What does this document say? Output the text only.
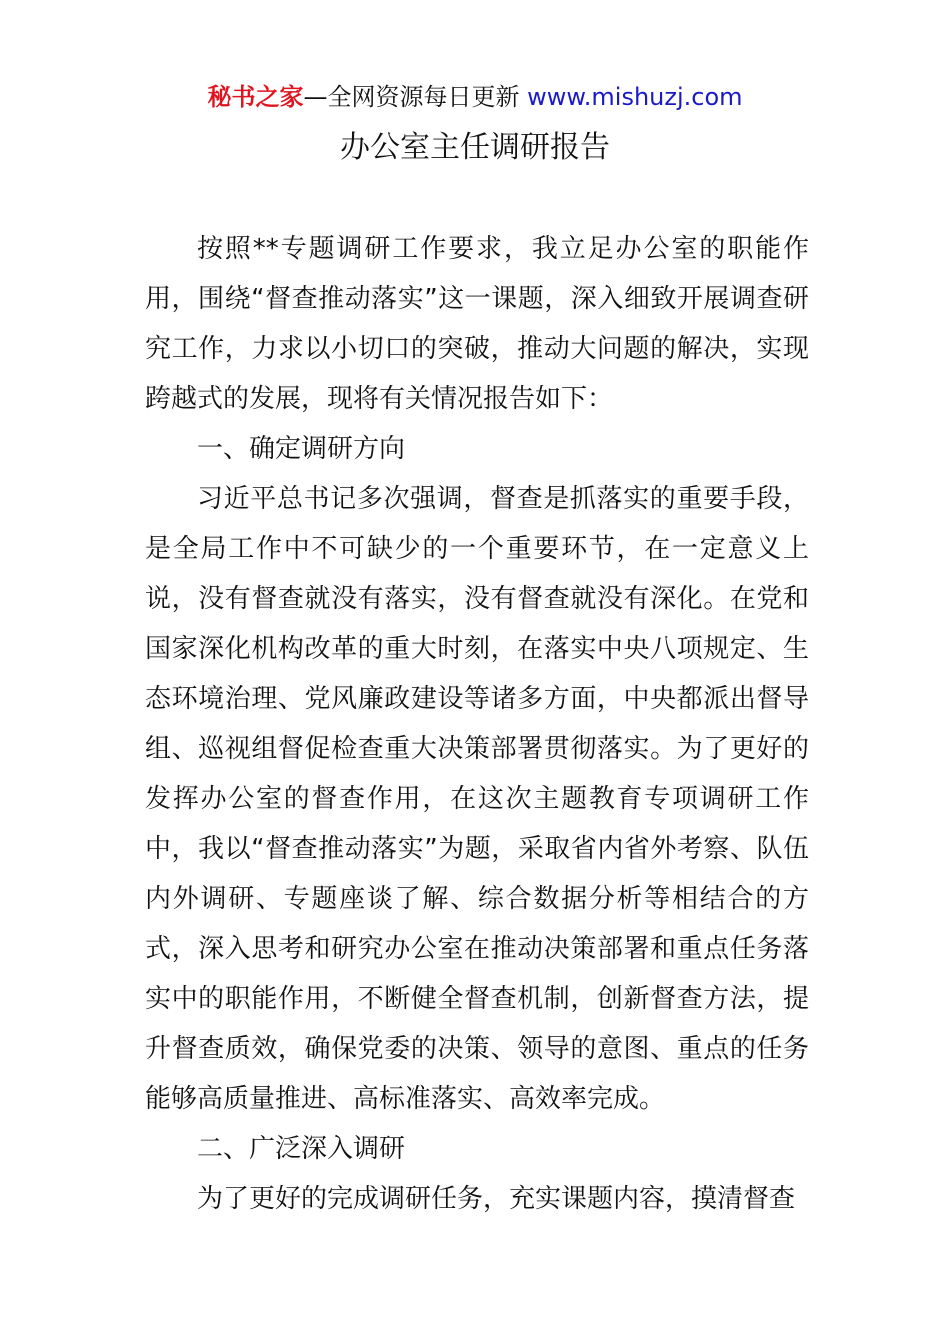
秘书之家—全网资源每日更新 www.mishuzj.com
办公室主任调研报告

按照**专题调研工作要求，我立足办公室的职能作用，围绕“督查推动落实”这一课题，深入细致开展调查研究工作，力求以小切口的突破，推动大问题的解决，实现跨越式的发展，现将有关情况报告如下：

一、确定调研方向

习近平总书记多次强调，督查是抓落实的重要手段，是全局工作中不可缺少的一个重要环节，在一定意义上说，没有督查就没有落实，没有督查就没有深化。在党和国家深化机构改革的重大时刻，在落实中央八项规定、生态环境治理、党风廉政建设等诸多方面，中央都派出督导组、巡视组督促检查重大决策部署贯彻落实。为了更好的发挥办公室的督查作用，在这次主题教育专项调研工作中，我以“督查推动落实”为题，采取省内省外考察、队伍内外调研、专题座谈了解、综合数据分析等相结合的方式，深入思考和研究办公室在推动决策部署和重点任务落实中的职能作用，不断健全督查机制，创新督查方法，提升督查质效，确保党委的决策、领导的意图、重点的任务能够高质量推进、高标准落实、高效率完成。

二、广泛深入调研

为了更好的完成调研任务，充实课题内容，摸清督查
